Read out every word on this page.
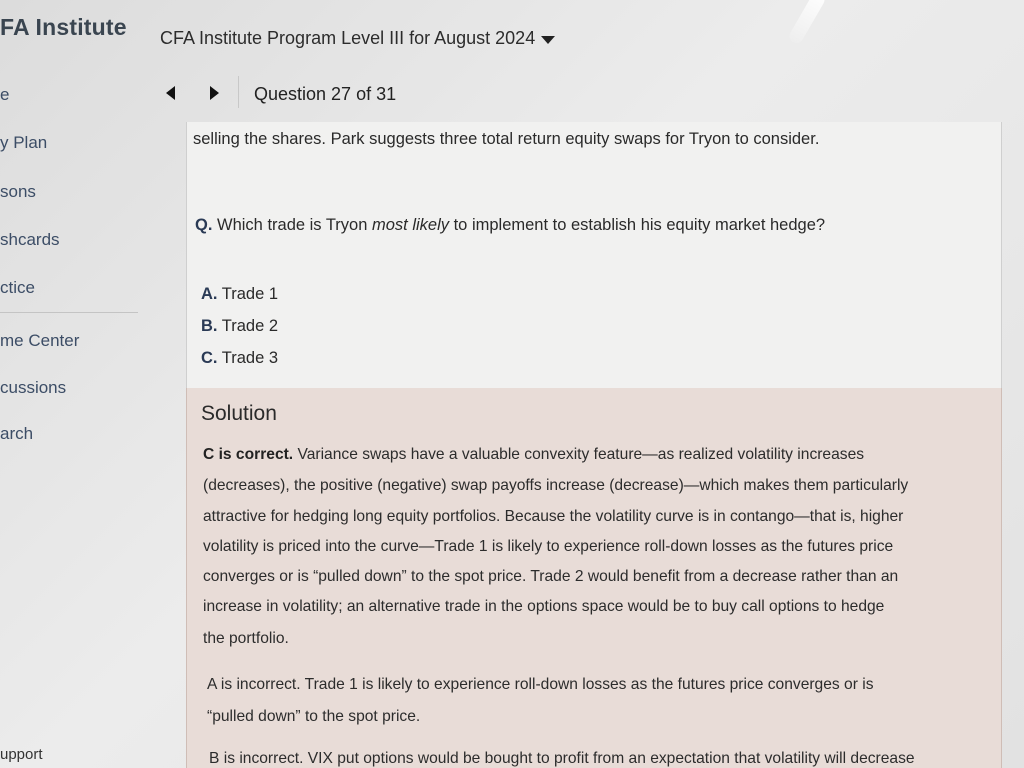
FA Institute CFA Institute Program Level III for August 2024
e
y Plan
sons
shcards
ctice
me Center
cussions
arch
upport
Question 27 of 31
selling the shares. Park suggests three total return equity swaps for Tryon to consider.
Q. Which trade is Tryon most likely to implement to establish his equity market hedge?
A. Trade 1
B. Trade 2
C. Trade 3
Solution
C is correct. Variance swaps have a valuable convexity feature—as realized volatility increases
(decreases), the positive (negative) swap payoffs increase (decrease)—which makes them particularly
attractive for hedging long equity portfolios. Because the volatility curve is in contango—that is, higher
volatility is priced into the curve—Trade 1 is likely to experience roll-down losses as the futures price
converges or is “pulled down” to the spot price. Trade 2 would benefit from a decrease rather than an
increase in volatility; an alternative trade in the options space would be to buy call options to hedge
the portfolio.
A is incorrect. Trade 1 is likely to experience roll-down losses as the futures price converges or is
“pulled down” to the spot price.
B is incorrect. VIX put options would be bought to profit from an expectation that volatility will decrease
